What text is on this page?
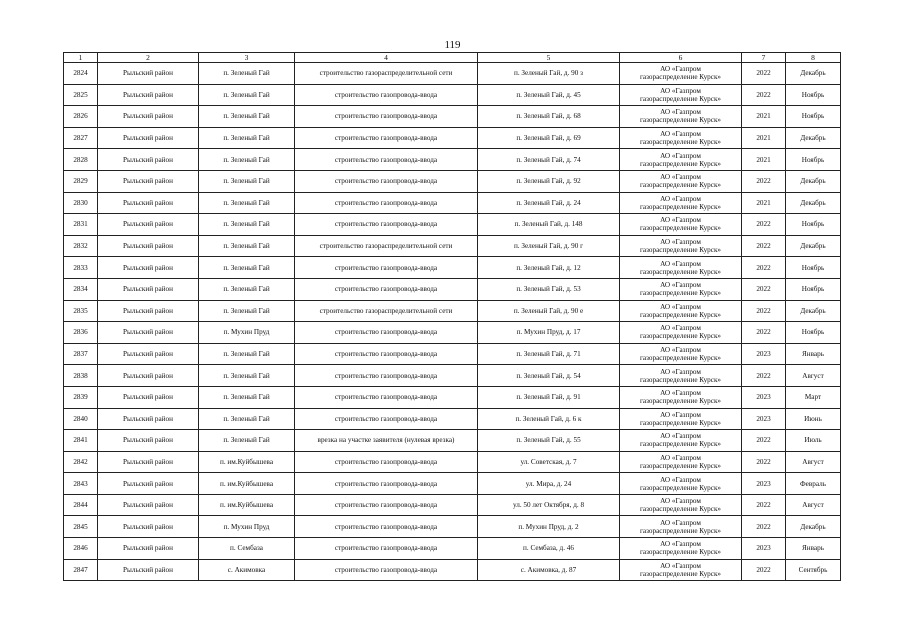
119
1	2	3	4	5	6	7	8
2824	Рыльский район	п. Зеленый Гай	строительство газораспределительной сети	п. Зеленый Гай, д. 90 з	АО «Газпром
газораспределение Курск»	2022	Декабрь
2825	Рыльский район	п. Зеленый Гай	строительство газопровода-ввода	п. Зеленый Гай, д. 45	АО «Газпром
газораспределение Курск»	2022	Ноябрь
2826	Рыльский район	п. Зеленый Гай	строительство газопровода-ввода	п. Зеленый Гай, д. 68	АО «Газпром
газораспределение Курск»	2021	Ноябрь
2827	Рыльский район	п. Зеленый Гай	строительство газопровода-ввода	п. Зеленый Гай, д. 69	АО «Газпром
газораспределение Курск»	2021	Декабрь
2828	Рыльский район	п. Зеленый Гай	строительство газопровода-ввода	п. Зеленый Гай, д. 74	АО «Газпром
газораспределение Курск»	2021	Ноябрь
2829	Рыльский район	п. Зеленый Гай	строительство газопровода-ввода	п. Зеленый Гай, д. 92	АО «Газпром
газораспределение Курск»	2022	Декабрь
2830	Рыльский район	п. Зеленый Гай	строительство газопровода-ввода	п. Зеленый Гай, д. 24	АО «Газпром
газораспределение Курск»	2021	Декабрь
2831	Рыльский район	п. Зеленый Гай	строительство газопровода-ввода	п. Зеленый Гай, д. 148	АО «Газпром
газораспределение Курск»	2022	Ноябрь
2832	Рыльский район	п. Зеленый Гай	строительство газораспределительной сети	п. Зеленый Гай, д. 90 г	АО «Газпром
газораспределение Курск»	2022	Декабрь
2833	Рыльский район	п. Зеленый Гай	строительство газопровода-ввода	п. Зеленый Гай, д. 12	АО «Газпром
газораспределение Курск»	2022	Ноябрь
2834	Рыльский район	п. Зеленый Гай	строительство газопровода-ввода	п. Зеленый Гай, д. 53	АО «Газпром
газораспределение Курск»	2022	Ноябрь
2835	Рыльский район	п. Зеленый Гай	строительство газораспределительной сети	п. Зеленый Гай, д. 90 е	АО «Газпром
газораспределение Курск»	2022	Декабрь
2836	Рыльский район	п. Мухин Пруд	строительство газопровода-ввода	п. Мухин Пруд, д. 17	АО «Газпром
газораспределение Курск»	2022	Ноябрь
2837	Рыльский район	п. Зеленый Гай	строительство газопровода-ввода	п. Зеленый Гай, д. 71	АО «Газпром
газораспределение Курск»	2023	Январь
2838	Рыльский район	п. Зеленый Гай	строительство газопровода-ввода	п. Зеленый Гай, д. 54	АО «Газпром
газораспределение Курск»	2022	Август
2839	Рыльский район	п. Зеленый Гай	строительство газопровода-ввода	п. Зеленый Гай, д. 91	АО «Газпром
газораспределение Курск»	2023	Март
2840	Рыльский район	п. Зеленый Гай	строительство газопровода-ввода	п. Зеленый Гай, д. 6 к	АО «Газпром
газораспределение Курск»	2023	Июнь
2841	Рыльский район	п. Зеленый Гай	врезка на участке заявителя (нулевая врезка)	п. Зеленый Гай, д. 55	АО «Газпром
газораспределение Курск»	2022	Июль
2842	Рыльский район	п. им.Куйбышева	строительство газопровода-ввода	ул. Советская, д. 7	АО «Газпром
газораспределение Курск»	2022	Август
2843	Рыльский район	п. им.Куйбышева	строительство газопровода-ввода	ул. Мира, д. 24	АО «Газпром
газораспределение Курск»	2023	Февраль
2844	Рыльский район	п. им.Куйбышева	строительство газопровода-ввода	ул. 50 лет Октября, д. 8	АО «Газпром
газораспределение Курск»	2022	Август
2845	Рыльский район	п. Мухин Пруд	строительство газопровода-ввода	п. Мухин Пруд, д. 2	АО «Газпром
газораспределение Курск»	2022	Декабрь
2846	Рыльский район	п. Сембаза	строительство газопровода-ввода	п. Сембаза, д. 46	АО «Газпром
газораспределение Курск»	2023	Январь
2847	Рыльский район	с. Акимовка	строительство газопровода-ввода	с. Акимовка, д. 87	АО «Газпром
газораспределение Курск»	2022	Сентябрь
